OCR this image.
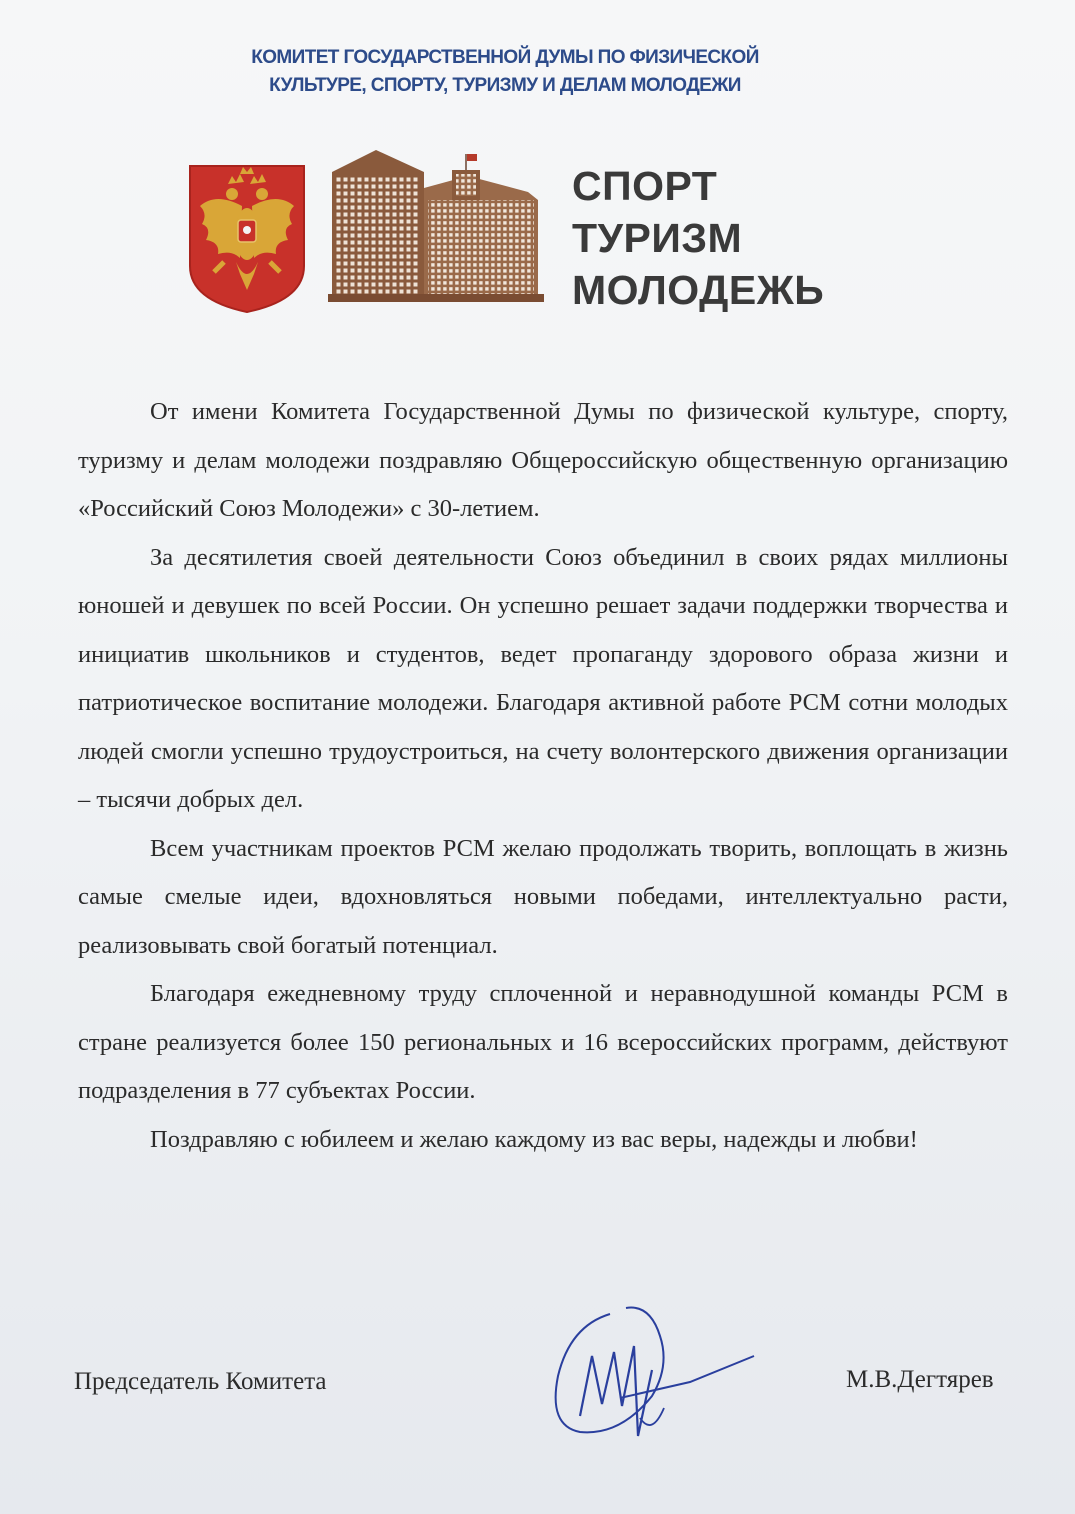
КОМИТЕТ ГОСУДАРСТВЕННОЙ ДУМЫ ПО ФИЗИЧЕСКОЙ
КУЛЬТУРЕ, СПОРТУ, ТУРИЗМУ И ДЕЛАМ МОЛОДЕЖИ
СПОРТ
ТУРИЗМ
МОЛОДЕЖЬ

От имени Комитета Государственной Думы по физической культуре, спорту, туризму и делам молодежи поздравляю Общероссийскую общественную организацию «Российский Союз Молодежи» с 30-летием.

За десятилетия своей деятельности Союз объединил в своих рядах миллионы юношей и девушек по всей России. Он успешно решает задачи поддержки творчества и инициатив школьников и студентов, ведет пропаганду здорового образа жизни и патриотическое воспитание молодежи. Благодаря активной работе РСМ сотни молодых людей смогли успешно трудоустроиться, на счету волонтерского движения организации – тысячи добрых дел.

Всем участникам проектов РСМ желаю продолжать творить, воплощать в жизнь самые смелые идеи, вдохновляться новыми победами, интеллектуально расти, реализовывать свой богатый потенциал.

Благодаря ежедневному труду сплоченной и неравнодушной команды РСМ в стране реализуется более 150 региональных и 16 всероссийских программ, действуют подразделения в 77 субъектах России.

Поздравляю с юбилеем и желаю каждому из вас веры, надежды и любви!

Председатель Комитета	М.В.Дегтярев
